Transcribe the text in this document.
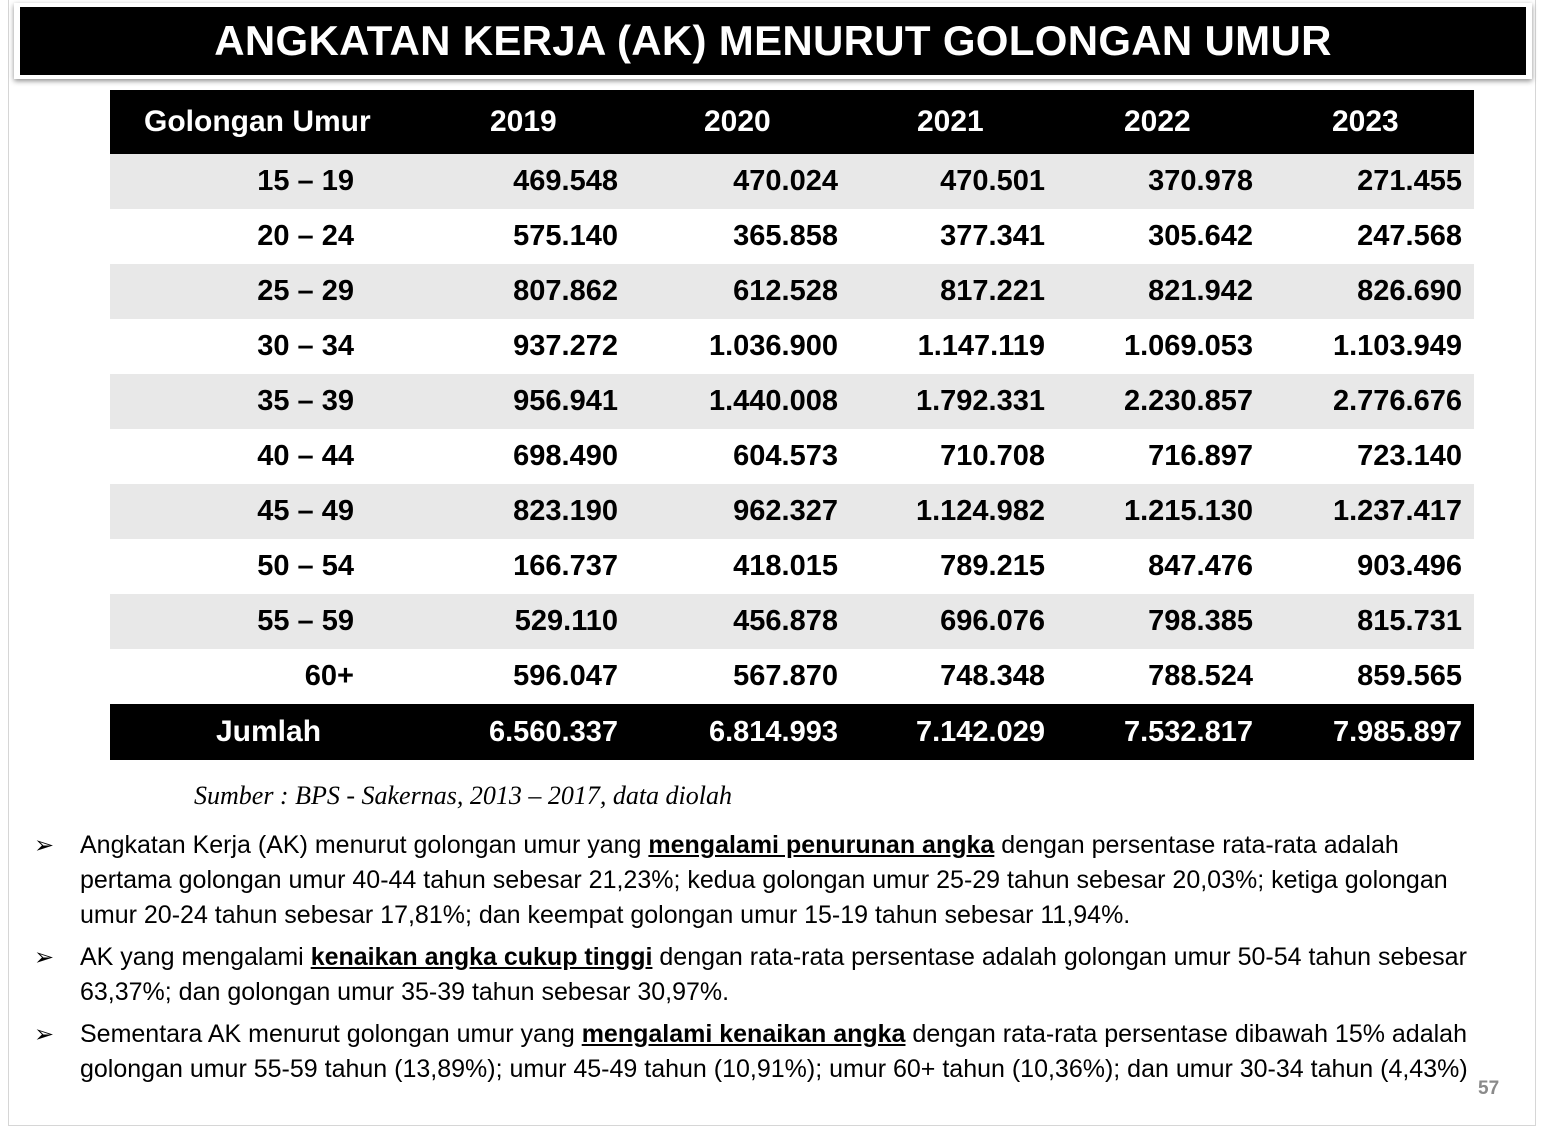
ANGKATAN KERJA (AK) MENURUT GOLONGAN UMUR
Golongan Umur	2019	2020	2021	2022	2023
15 – 19	469.548	470.024	470.501	370.978	271.455
20 – 24	575.140	365.858	377.341	305.642	247.568
25 – 29	807.862	612.528	817.221	821.942	826.690
30 – 34	937.272	1.036.900	1.147.119	1.069.053	1.103.949
35 – 39	956.941	1.440.008	1.792.331	2.230.857	2.776.676
40 – 44	698.490	604.573	710.708	716.897	723.140
45 – 49	823.190	962.327	1.124.982	1.215.130	1.237.417
50 – 54	166.737	418.015	789.215	847.476	903.496
55 – 59	529.110	456.878	696.076	798.385	815.731
60+	596.047	567.870	748.348	788.524	859.565
Jumlah	6.560.337	6.814.993	7.142.029	7.532.817	7.985.897
Sumber : BPS - Sakernas, 2013 – 2017, data diolah
➢ Angkatan Kerja (AK) menurut golongan umur yang mengalami penurunan angka dengan persentase rata-rata adalah pertama golongan umur 40-44 tahun sebesar 21,23%; kedua golongan umur 25-29 tahun sebesar 20,03%; ketiga golongan umur 20-24 tahun sebesar 17,81%; dan keempat golongan umur 15-19 tahun sebesar 11,94%.
➢ AK yang mengalami kenaikan angka cukup tinggi dengan rata-rata persentase adalah golongan umur 50-54 tahun sebesar 63,37%; dan golongan umur 35-39 tahun sebesar 30,97%.
➢ Sementara AK menurut golongan umur yang mengalami kenaikan angka dengan rata-rata persentase dibawah 15% adalah golongan umur 55-59 tahun (13,89%); umur 45-49 tahun (10,91%); umur 60+ tahun (10,36%); dan umur 30-34 tahun (4,43%)
57
